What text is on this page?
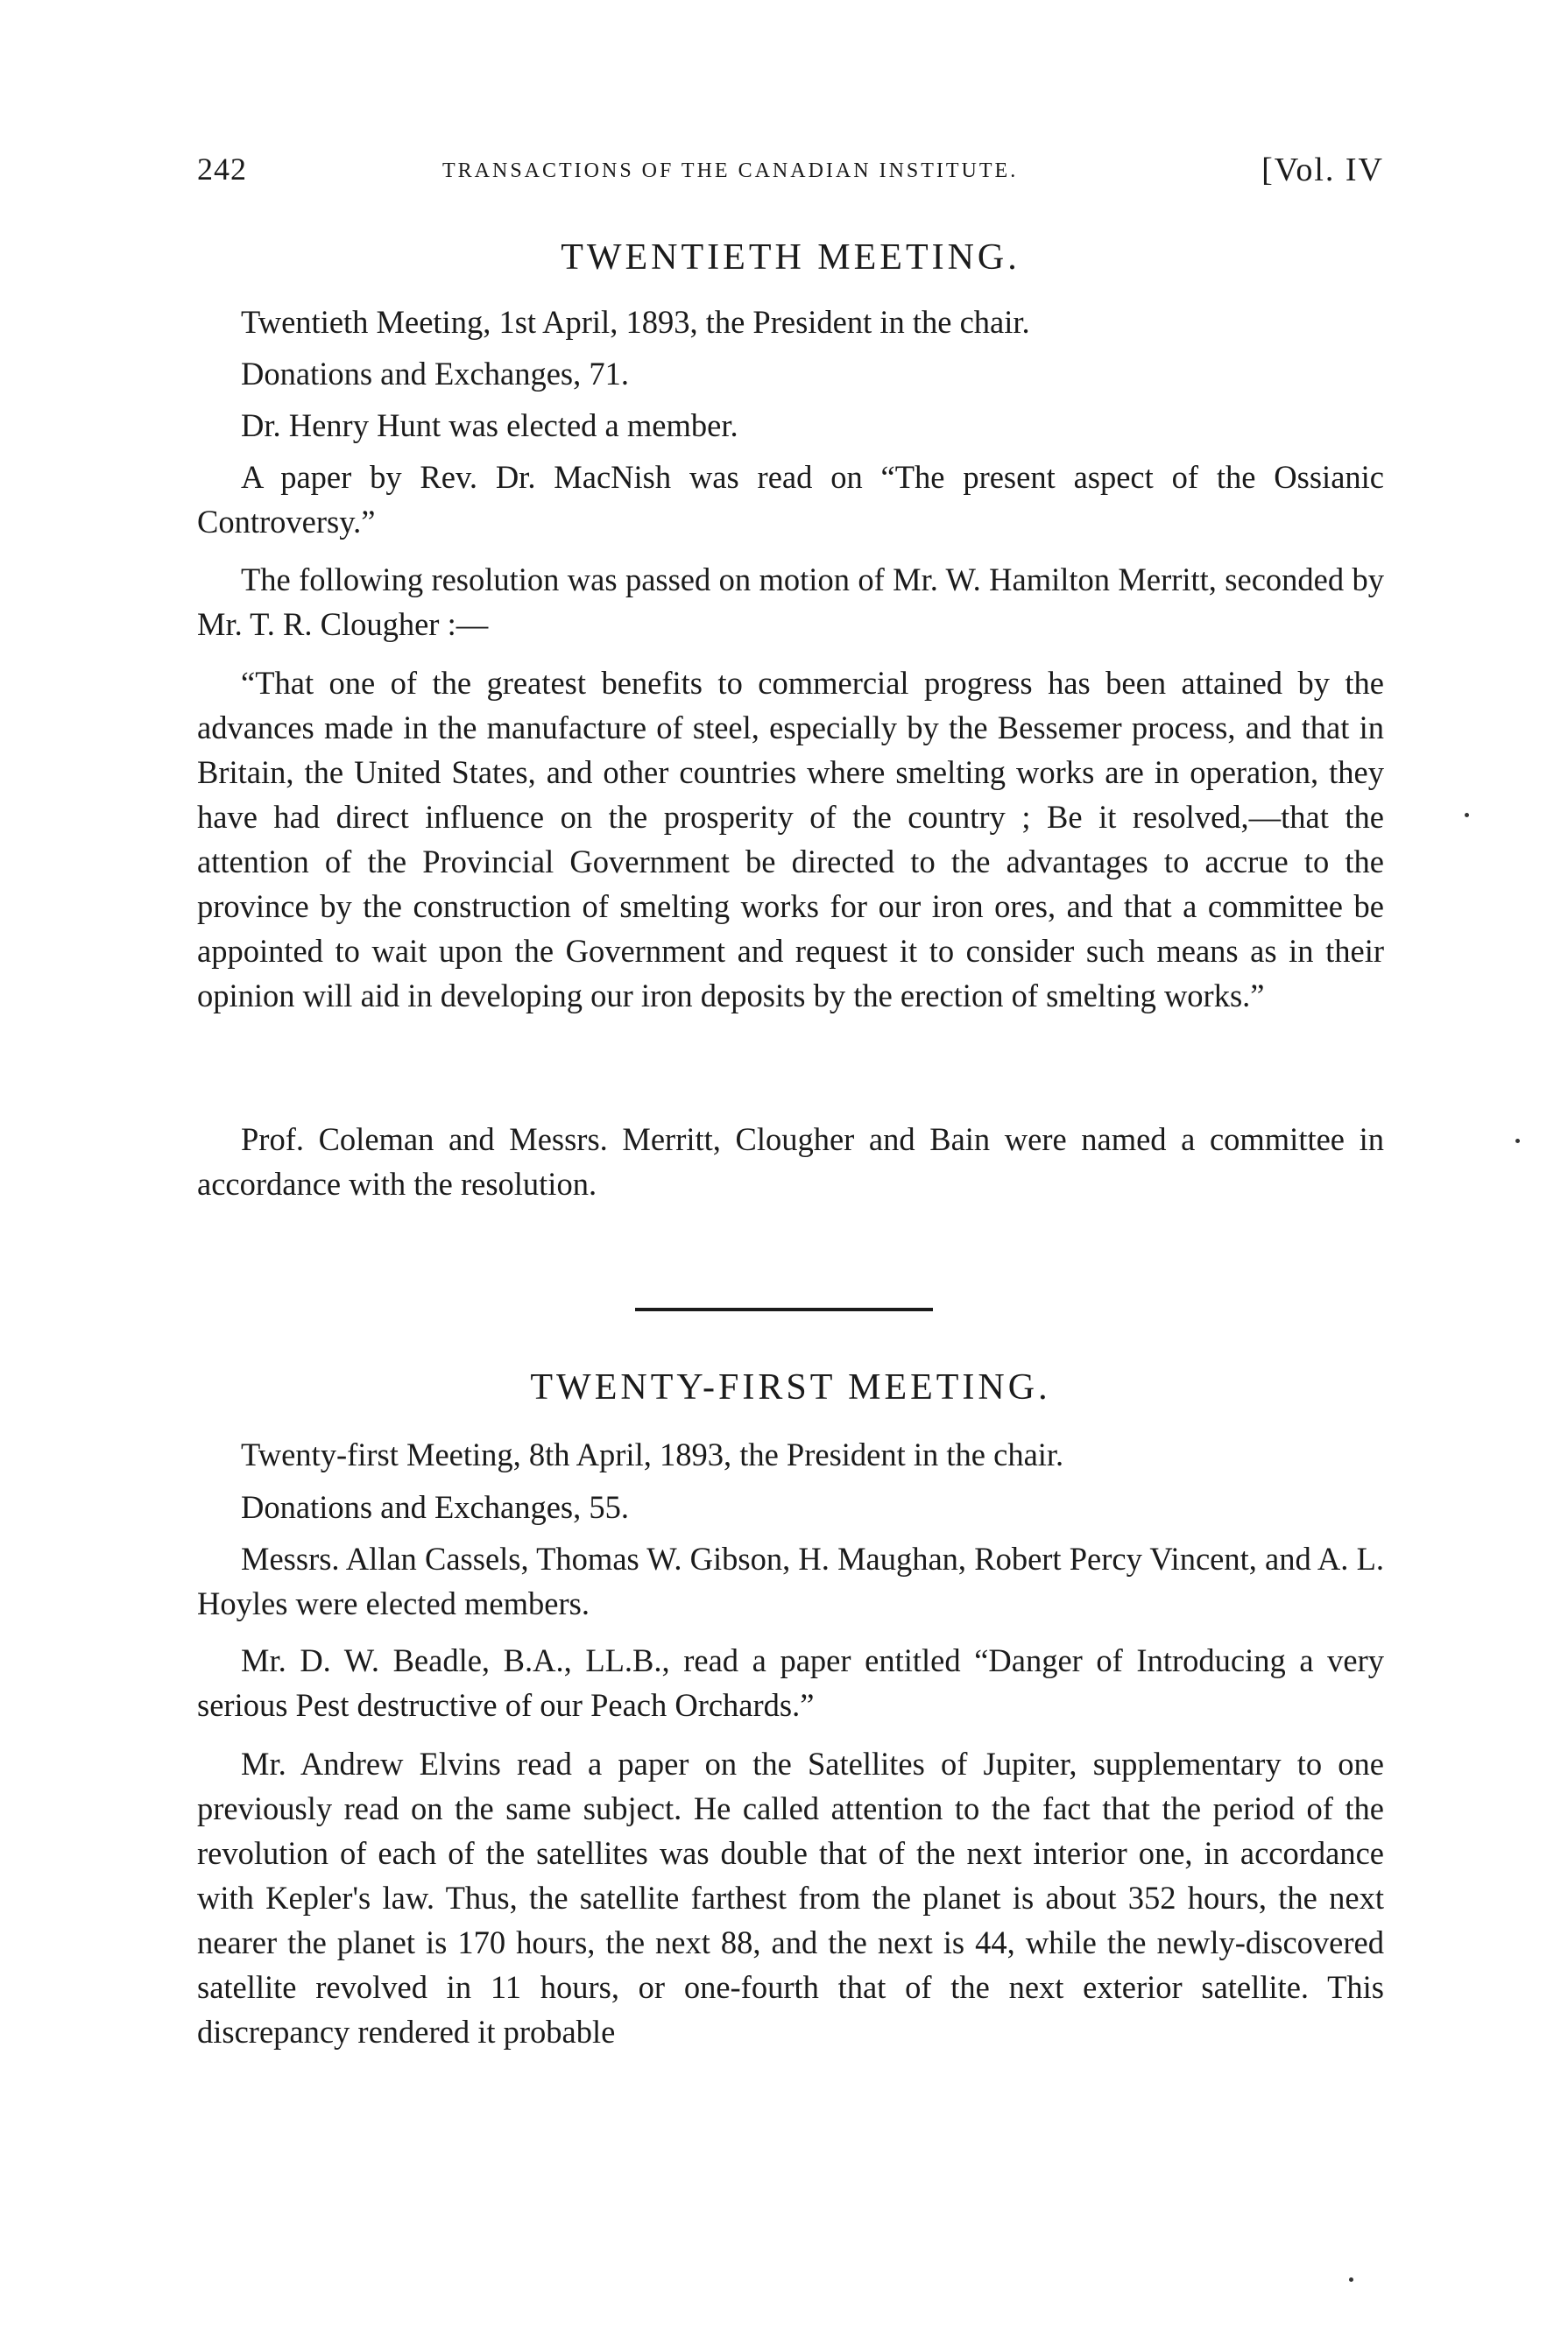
242	TRANSACTIONS OF THE CANADIAN INSTITUTE.	[Vol. IV
TWENTIETH MEETING.

Twentieth Meeting, 1st April, 1893, the President in the chair.

Donations and Exchanges, 71.

Dr. Henry Hunt was elected a member.

A paper by Rev. Dr. MacNish was read on “The present aspect of the Ossianic Controversy.”

The following resolution was passed on motion of Mr. W. Hamilton Merritt, seconded by Mr. T. R. Clougher :—

“That one of the greatest benefits to commercial progress has been attained by the advances made in the manufacture of steel, especially by the Bessemer process, and that in Britain, the United States, and other countries where smelting works are in operation, they have had direct influence on the prosperity of the country ; Be it resolved,—that the attention of the Provincial Government be directed to the advantages to accrue to the province by the construction of smelting works for our iron ores, and that a committee be appointed to wait upon the Government and request it to consider such means as in their opinion will aid in developing our iron deposits by the erection of smelting works.”

Prof. Coleman and Messrs. Merritt, Clougher and Bain were named a committee in accordance with the resolution.

TWENTY-FIRST MEETING.

Twenty-first Meeting, 8th April, 1893, the President in the chair.

Donations and Exchanges, 55.

Messrs. Allan Cassels, Thomas W. Gibson, H. Maughan, Robert Percy Vincent, and A. L. Hoyles were elected members.

Mr. D. W. Beadle, B.A., LL.B., read a paper entitled “Danger of Introducing a very serious Pest destructive of our Peach Orchards.”

Mr. Andrew Elvins read a paper on the Satellites of Jupiter, supplementary to one previously read on the same subject. He called attention to the fact that the period of the revolution of each of the satellites was double that of the next interior one, in accordance with Kepler's law. Thus, the satellite farthest from the planet is about 352 hours, the next nearer the planet is 170 hours, the next 88, and the next is 44, while the newly-discovered satellite revolved in 11 hours, or one-fourth that of the next exterior satellite. This discrepancy rendered it probable
